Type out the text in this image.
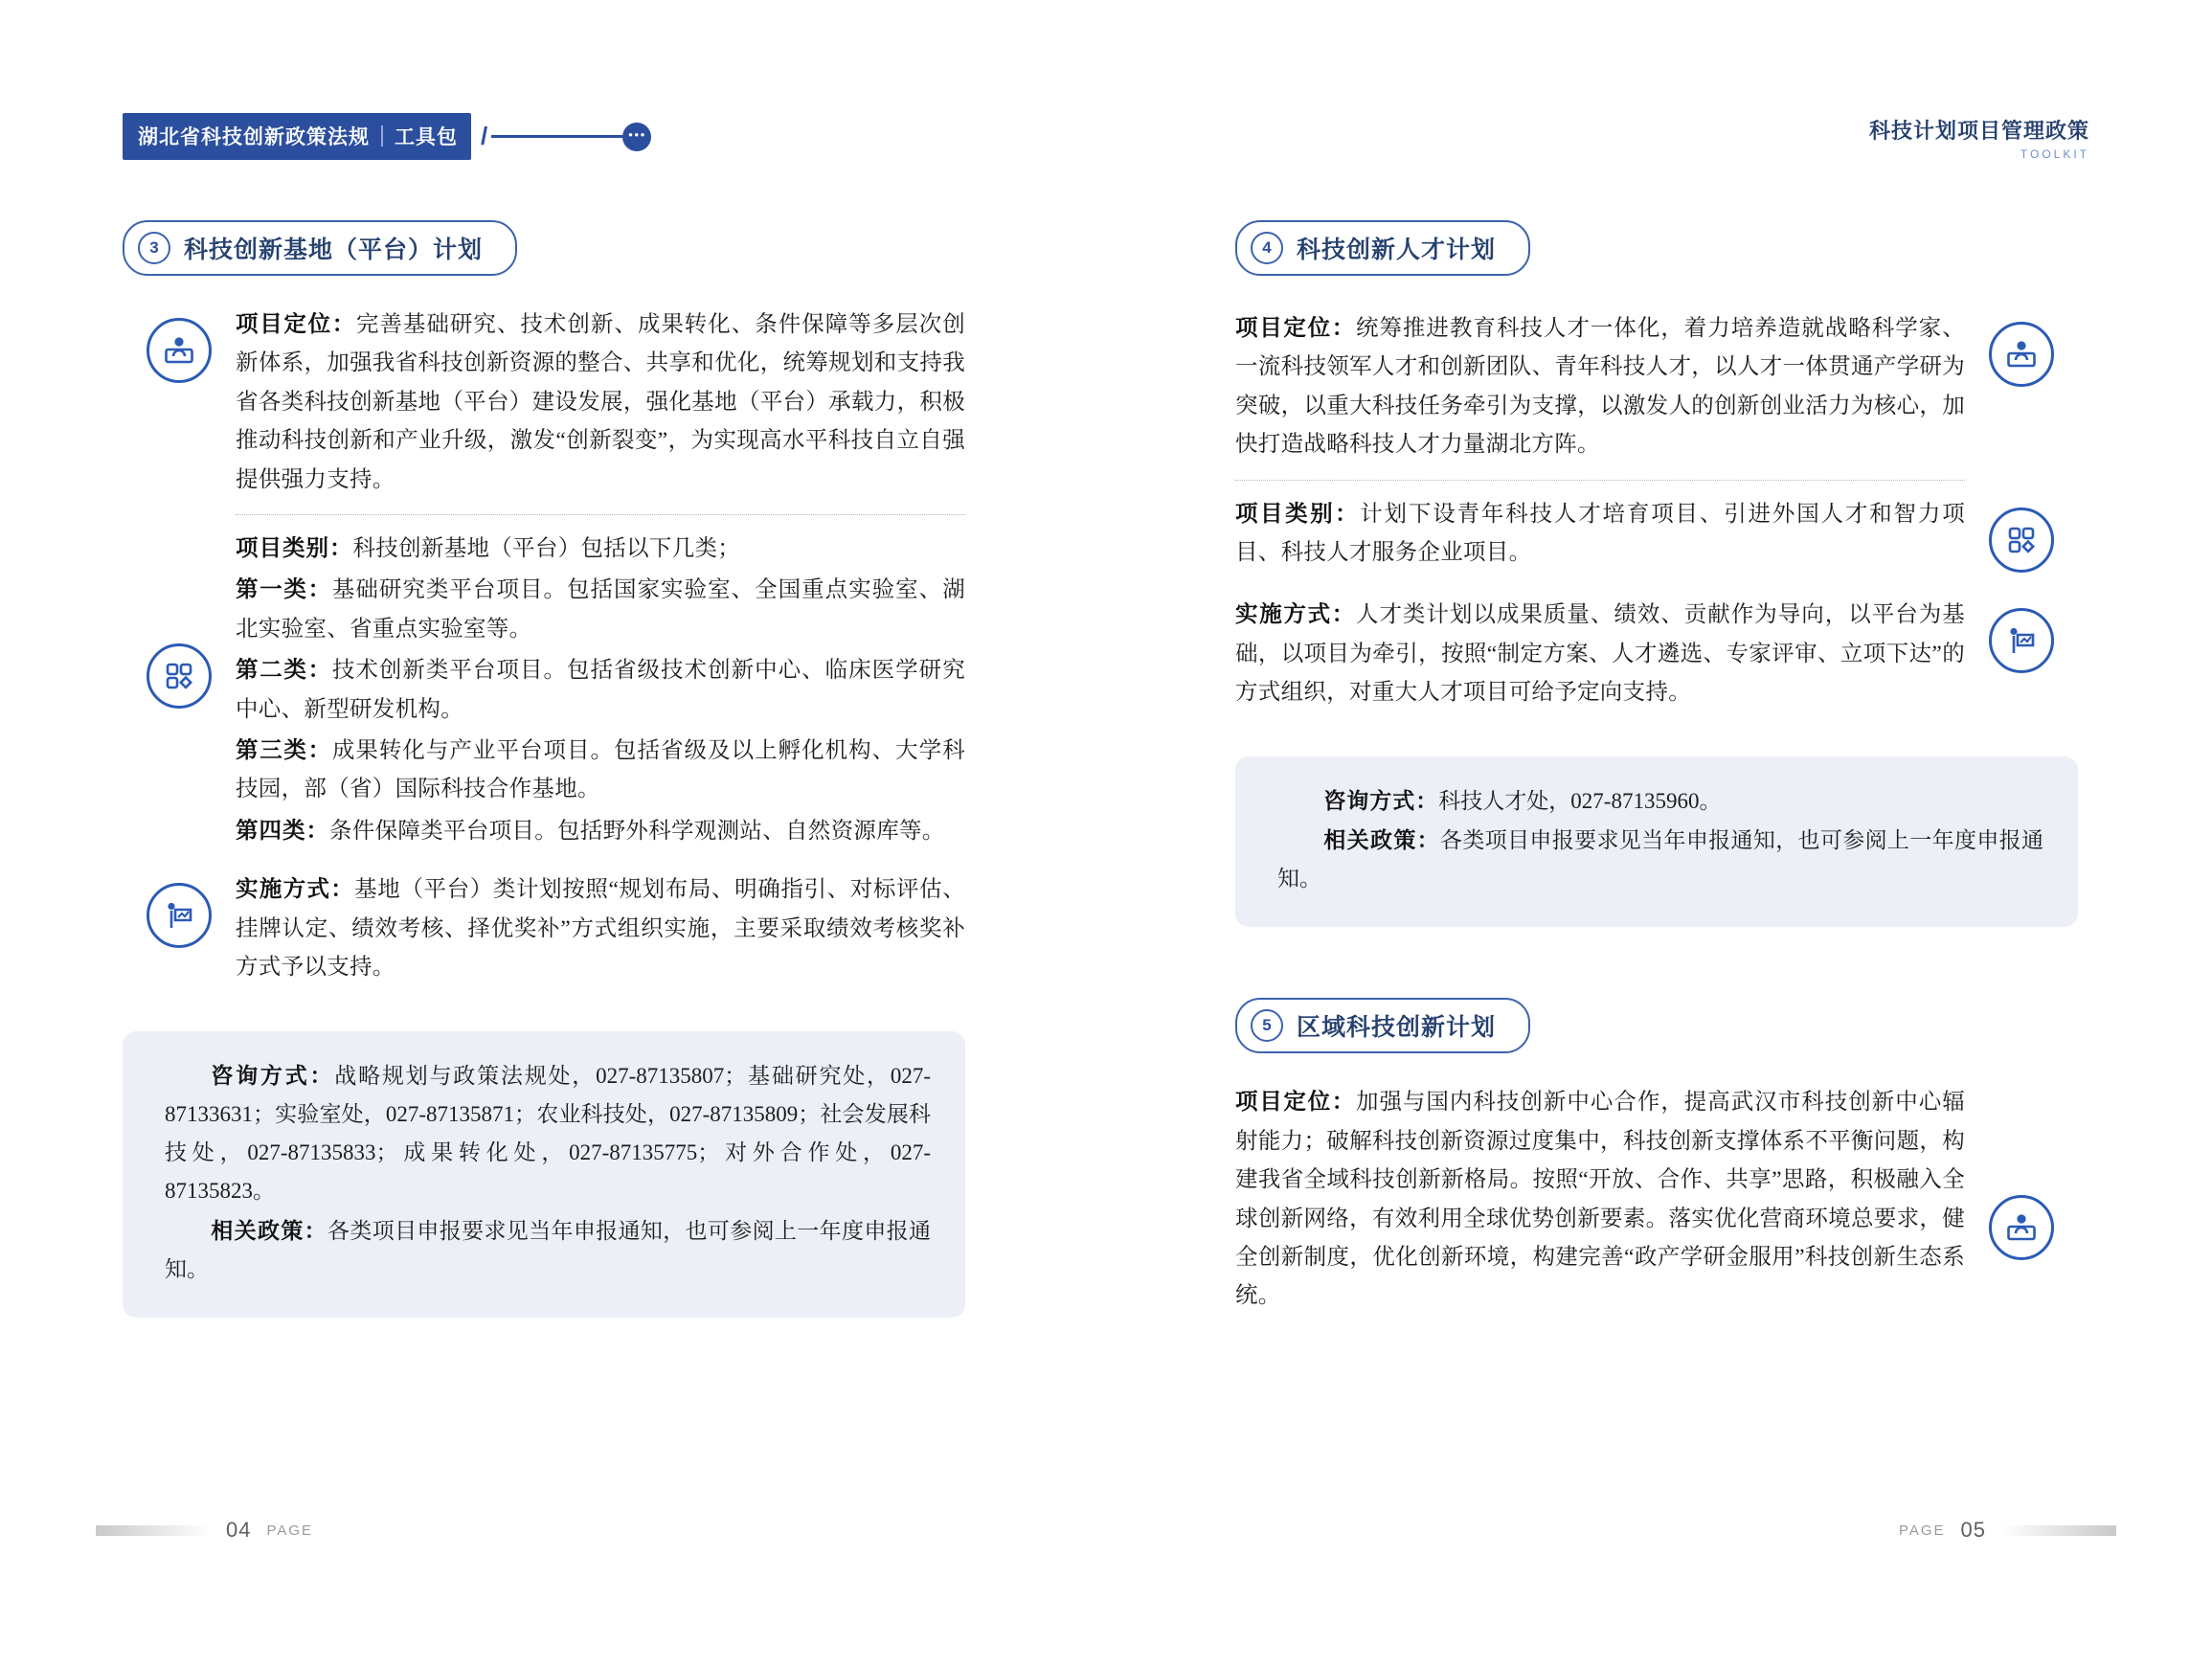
湖北省科技创新政策法规 工具包 /	•••	科技计划项目管理政策
TOOLKIT
3	科技创新基地（平台）计划

项目定位：完善基础研究、技术创新、成果转化、条件保障等多层次创新体系，加强我省科技创新资源的整合、共享和优化，统筹规划和支持我省各类科技创新基地（平台）建设发展，强化基地（平台）承载力，积极推动科技创新和产业升级，激发“创新裂变”，为实现高水平科技自立自强提供强力支持。

项目类别：科技创新基地（平台）包括以下几类；

第一类：基础研究类平台项目。包括国家实验室、全国重点实验室、湖北实验室、省重点实验室等。

第二类：技术创新类平台项目。包括省级技术创新中心、临床医学研究中心、新型研发机构。

第三类：成果转化与产业平台项目。包括省级及以上孵化机构、大学科技园，部（省）国际科技合作基地。

第四类：条件保障类平台项目。包括野外科学观测站、自然资源库等。

实施方式：基地（平台）类计划按照“规划布局、明确指引、对标评估、挂牌认定、绩效考核、择优奖补”方式组织实施，主要采取绩效考核奖补方式予以支持。

咨询方式：战略规划与政策法规处，027-87135807；基础研究处，027-87133631；实验室处，027-87135871；农业科技处，027-87135809；社会发展科技处，027-87135833；成果转化处，027-87135775；对外合作处，027-87135823。

相关政策：各类项目申报要求见当年申报通知，也可参阅上一年度申报通知。

4	科技创新人才计划

项目定位：统筹推进教育科技人才一体化，着力培养造就战略科学家、一流科技领军人才和创新团队、青年科技人才，以人才一体贯通产学研为突破，以重大科技任务牵引为支撑，以激发人的创新创业活力为核心，加快打造战略科技人才力量湖北方阵。

项目类别：计划下设青年科技人才培育项目、引进外国人才和智力项目、科技人才服务企业项目。

实施方式：人才类计划以成果质量、绩效、贡献作为导向，以平台为基础，以项目为牵引，按照“制定方案、人才遴选、专家评审、立项下达”的方式组织，对重大人才项目可给予定向支持。

咨询方式：科技人才处，027-87135960。

相关政策：各类项目申报要求见当年申报通知，也可参阅上一年度申报通知。

5	区域科技创新计划

项目定位：加强与国内科技创新中心合作，提高武汉市科技创新中心辐射能力；破解科技创新资源过度集中，科技创新支撑体系不平衡问题，构建我省全域科技创新新格局。按照“开放、合作、共享”思路，积极融入全球创新网络，有效利用全球优势创新要素。落实优化营商环境总要求，健全创新制度，优化创新环境，构建完善“政产学研金服用”科技创新生态系统。

04 PAGE	PAGE 05
